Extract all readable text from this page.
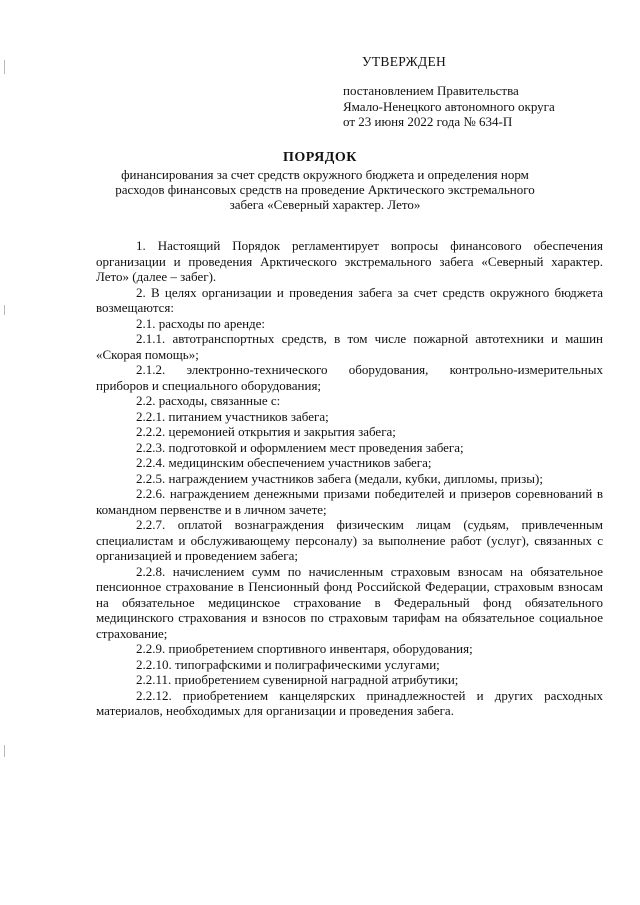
УТВЕРЖДЕН
постановлением Правительства
Ямало-Ненецкого автономного округа
от 23 июня 2022 года № 634-П
ПОРЯДОК
финансирования за счет средств окружного бюджета и определения норм расходов финансовых средств на проведение Арктического экстремального забега «Северный характер. Лето»

1. Настоящий Порядок регламентирует вопросы финансового обеспечения организации и проведения Арктического экстремального забега «Северный характер. Лето» (далее – забег).

2. В целях организации и проведения забега за счет средств окружного бюджета возмещаются:

2.1. расходы по аренде:

2.1.1. автотранспортных средств, в том числе пожарной автотехники и машин «Скорая помощь»;

2.1.2. электронно-технического оборудования, контрольно-измерительных приборов и специального оборудования;

2.2. расходы, связанные с:

2.2.1. питанием участников забега;

2.2.2. церемонией открытия и закрытия забега;

2.2.3. подготовкой и оформлением мест проведения забега;

2.2.4. медицинским обеспечением участников забега;

2.2.5. награждением участников забега (медали, кубки, дипломы, призы);

2.2.6. награждением денежными призами победителей и призеров соревнований в командном первенстве и в личном зачете;

2.2.7. оплатой вознаграждения физическим лицам (судьям, привлеченным специалистам и обслуживающему персоналу) за выполнение работ (услуг), связанных с организацией и проведением забега;

2.2.8. начислением сумм по начисленным страховым взносам на обязательное пенсионное страхование в Пенсионный фонд Российской Федерации, страховым взносам на обязательное медицинское страхование в Федеральный фонд обязательного медицинского страхования и взносов по страховым тарифам на обязательное социальное страхование;

2.2.9. приобретением спортивного инвентаря, оборудования;

2.2.10. типографскими и полиграфическими услугами;

2.2.11. приобретением сувенирной наградной атрибутики;

2.2.12. приобретением канцелярских принадлежностей и других расходных материалов, необходимых для организации и проведения забега.
